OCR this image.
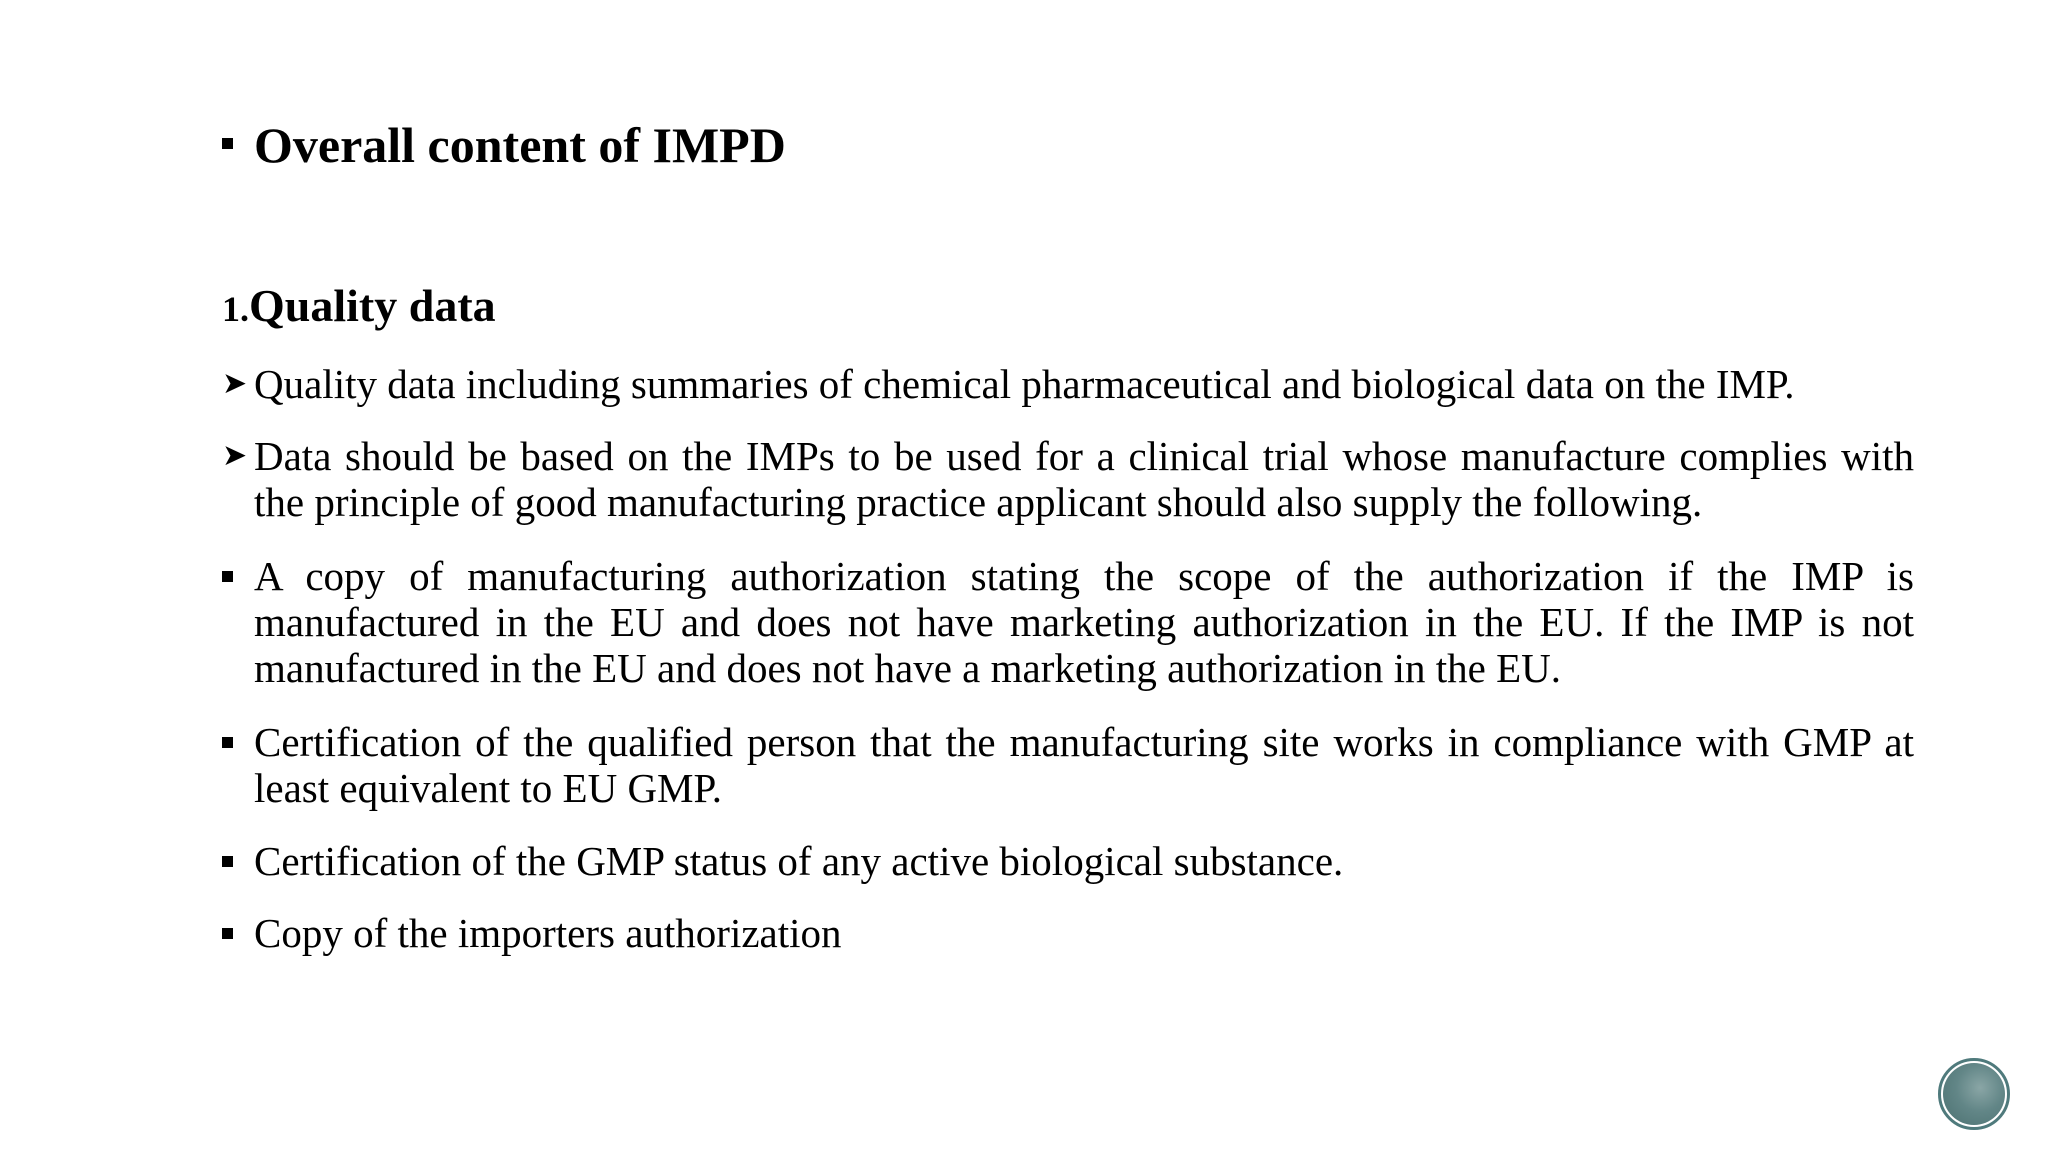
Overall content of IMPD
1.Quality data
➤ Quality data including summaries of chemical pharmaceutical and biological data on the IMP.
➤ Data should be based on the IMPs to be used for a clinical trial whose manufacture complies with the principle of good manufacturing practice applicant should also supply the following.
A copy of manufacturing authorization stating the scope of the authorization if the IMP is manufactured in the EU and does not have marketing authorization in the EU. If the IMP is not manufactured in the EU and does not have a marketing authorization in the EU.
Certification of the qualified person that the manufacturing site works in compliance with GMP at least equivalent to EU GMP.
Certification of the GMP status of any active biological substance.
Copy of the importers authorization
